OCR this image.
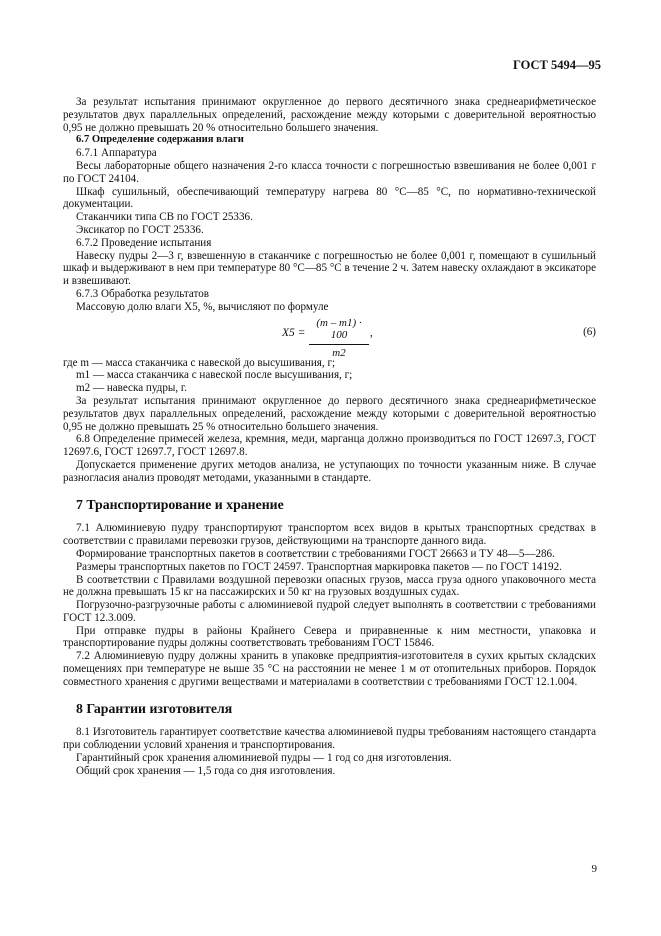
ГОСТ 5494—95

За результат испытания принимают округленное до первого десятичного знака среднеарифметическое результатов двух параллельных определений, расхождение между которыми с доверительной вероятностью 0,95 не должно превышать 20 % относительно большего значения.

6.7 Определение содержания влаги

6.7.1 Аппаратура

Весы лабораторные общего назначения 2-го класса точности с погрешностью взвешивания не более 0,001 г по ГОСТ 24104.

Шкаф сушильный, обеспечивающий температуру нагрева 80 °С—85 °С, по нормативно-технической документации.

Стаканчики типа СВ по ГОСТ 25336.

Эксикатор по ГОСТ 25336.

6.7.2 Проведение испытания

Навеску пудры 2—3 г, взвешенную в стаканчике с погрешностью не более 0,001 г, помещают в сушильный шкаф и выдерживают в нем при температуре 80 °С—85 °С в течение 2 ч. Затем навеску охлаждают в эксикаторе и взвешивают.

6.7.3 Обработка результатов

Массовую долю влаги X5, %, вычисляют по формуле

$X5 = \frac{(m - m1) \cdot 100}{m2}$ ,	(6)

где m — масса стаканчика с навеской до высушивания, г;

m1 — масса стаканчика с навеской после высушивания, г;

m2 — навеска пудры, г.

За результат испытания принимают округленное до первого десятичного знака среднеарифметическое результатов двух параллельных определений, расхождение между которыми с доверительной вероятностью 0,95 не должно превышать 25 % относительно большего значения.

6.8 Определение примесей железа, кремния, меди, марганца должно производиться по ГОСТ 12697.3, ГОСТ 12697.6, ГОСТ 12697.7, ГОСТ 12697.8.

Допускается применение других методов анализа, не уступающих по точности указанным ниже. В случае разногласия анализ проводят методами, указанными в стандарте.

7 Транспортирование и хранение

7.1 Алюминиевую пудру транспортируют транспортом всех видов в крытых транспортных средствах в соответствии с правилами перевозки грузов, действующими на транспорте данного вида.

Формирование транспортных пакетов в соответствии с требованиями ГОСТ 26663 и ТУ 48—5—286.

Размеры транспортных пакетов по ГОСТ 24597. Транспортная маркировка пакетов — по ГОСТ 14192.

В соответствии с Правилами воздушной перевозки опасных грузов, масса груза одного упаковочного места не должна превышать 15 кг на пассажирских и 50 кг на грузовых воздушных судах.

Погрузочно-разгрузочные работы с алюминиевой пудрой следует выполнять в соответствии с требованиями ГОСТ 12.3.009.

При отправке пудры в районы Крайнего Севера и приравненные к ним местности, упаковка и транспортирование пудры должны соответствовать требованиям ГОСТ 15846.

7.2 Алюминиевую пудру должны хранить в упаковке предприятия-изготовителя в сухих крытых складских помещениях при температуре не выше 35 °С на расстоянии не менее 1 м от отопительных приборов. Порядок совместного хранения с другими веществами и материалами в соответствии с требованиями ГОСТ 12.1.004.

8 Гарантии изготовителя

8.1 Изготовитель гарантирует соответствие качества алюминиевой пудры требованиям настоящего стандарта при соблюдении условий хранения и транспортирования.

Гарантийный срок хранения алюминиевой пудры — 1 год со дня изготовления.

Общий срок хранения — 1,5 года со дня изготовления.

9
